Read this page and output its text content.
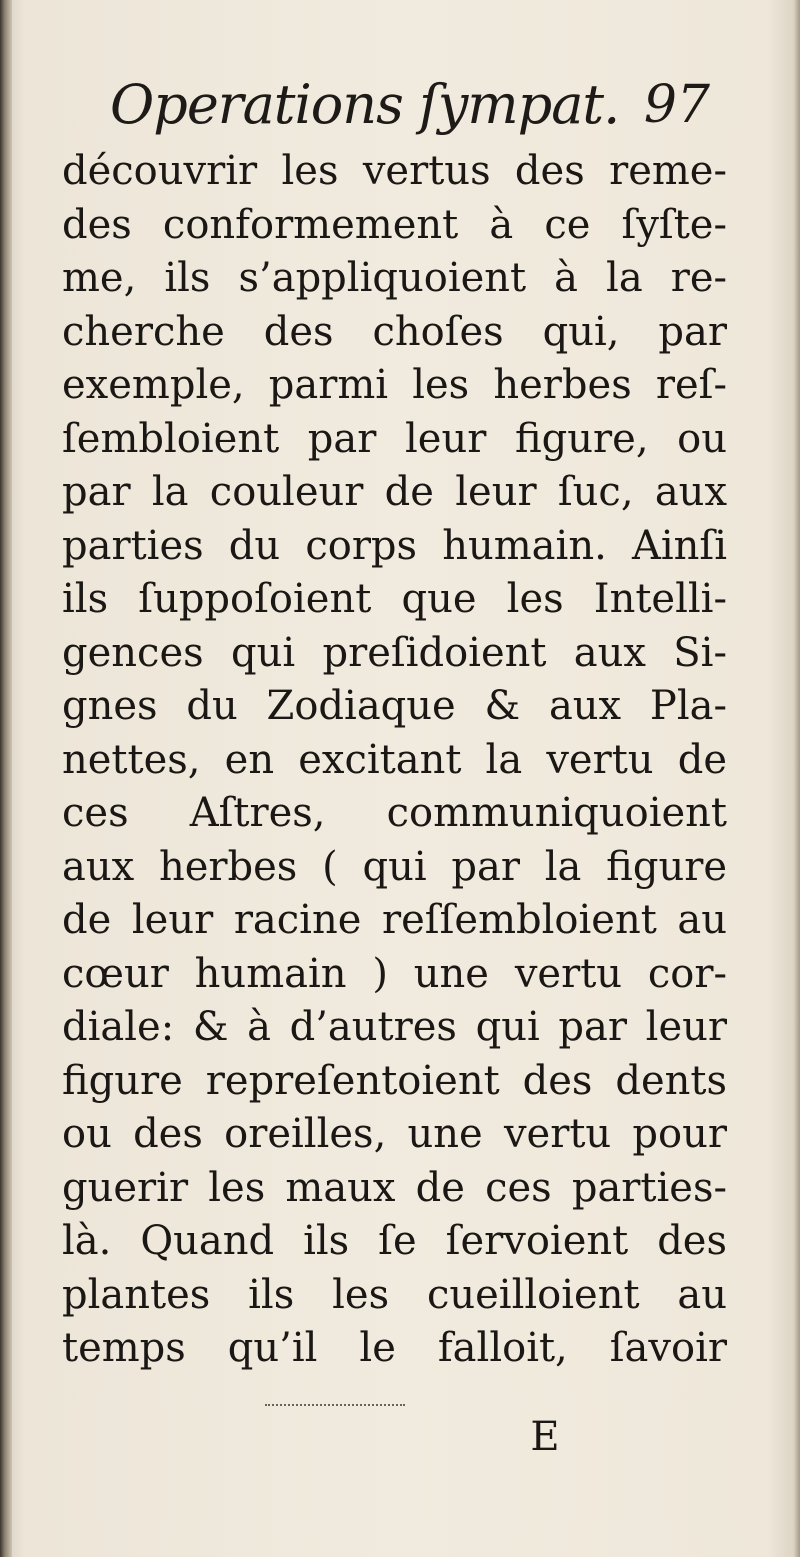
Operations ſympat. 97
découvrir les vertus des reme-
des conformement à ce ſyſte-
me, ils s’appliquoient à la re-
cherche des choſes qui, par
exemple, parmi les herbes reſ-
ſembloient par leur figure, ou
par la couleur de leur ſuc, aux
parties du corps humain. Ainſi
ils ſuppoſoient que les Intelli-
gences qui preſidoient aux Si-
gnes du Zodiaque & aux Pla-
nettes, en excitant la vertu de
ces Aſtres, communiquoient
aux herbes ( qui par la figure
de leur racine reſſembloient au
cœur humain ) une vertu cor-
diale: & à d’autres qui par leur
figure repreſentoient des dents
ou des oreilles, une vertu pour
guerir les maux de ces parties-
là. Quand ils ſe ſervoient des
plantes ils les cueilloient au
temps qu’il le falloit, ſavoir
E
